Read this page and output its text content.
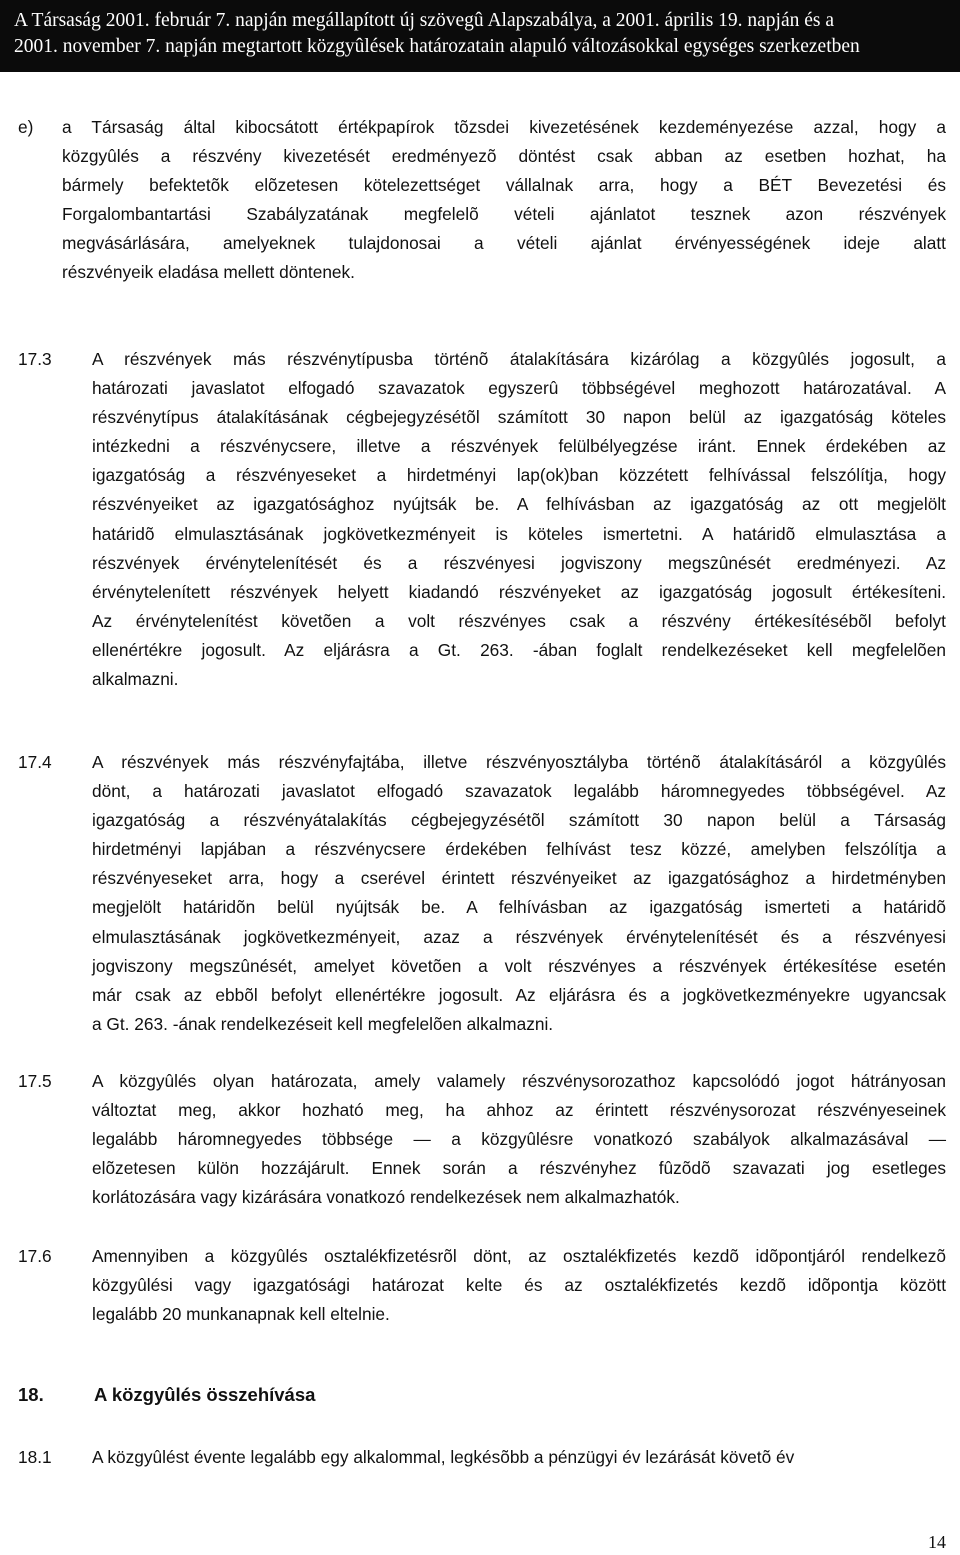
A Társaság 2001. február 7. napján megállapított új szövegû Alapszabálya, a 2001. április 19. napján és a
2001. november 7. napján megtartott közgyûlések határozatain alapuló változásokkal egységes szerkezetben
e) a Társaság által kibocsátott értékpapírok tõzsdei kivezetésének kezdeményezése azzal, hogy a
közgyûlés a részvény kivezetését eredményezõ döntést csak abban az esetben hozhat, ha
bármely befektetõk elõzetesen kötelezettséget vállalnak arra, hogy a BÉT Bevezetési és
Forgalombantartási Szabályzatának megfelelõ vételi ajánlatot tesznek azon részvények
megvásárlására, amelyeknek tulajdonosai a vételi ajánlat érvényességének ideje alatt
részvényeik eladása mellett döntenek.
17.3 A részvények más részvénytípusba történõ átalakítására kizárólag a közgyûlés jogosult, a
határozati javaslatot elfogadó szavazatok egyszerû többségével meghozott határozatával. A
részvénytípus átalakításának cégbejegyzésétõl számított 30 napon belül az igazgatóság köteles
intézkedni a részvénycsere, illetve a részvények felülbélyegzése iránt. Ennek érdekében az
igazgatóság a részvényeseket a hirdetményi lap(ok)ban közzétett felhívással felszólítja, hogy
részvényeiket az igazgatósághoz nyújtsák be. A felhívásban az igazgatóság az ott megjelölt
határidõ elmulasztásának jogkövetkezményeit is köteles ismertetni. A határidõ elmulasztása a
részvények érvénytelenítését és a részvényesi jogviszony megszûnését eredményezi. Az
érvénytelenített részvények helyett kiadandó részvényeket az igazgatóság jogosult értékesíteni.
Az érvénytelenítést követõen a volt részvényes csak a részvény értékesítésébõl befolyt
ellenértékre jogosult. Az eljárásra a Gt. 263. -ában foglalt rendelkezéseket kell megfelelõen
alkalmazni.
17.4 A részvények más részvényfajtába, illetve részvényosztályba történõ átalakításáról a közgyûlés
dönt, a határozati javaslatot elfogadó szavazatok legalább háromnegyedes többségével. Az
igazgatóság a részvényátalakítás cégbejegyzésétõl számított 30 napon belül a Társaság
hirdetményi lapjában a részvénycsere érdekében felhívást tesz közzé, amelyben felszólítja a
részvényeseket arra, hogy a cserével érintett részvényeiket az igazgatósághoz a hirdetményben
megjelölt határidõn belül nyújtsák be. A felhívásban az igazgatóság ismerteti a határidõ
elmulasztásának jogkövetkezményeit, azaz a részvények érvénytelenítését és a részvényesi
jogviszony megszûnését, amelyet követõen a volt részvényes a részvények értékesítése esetén
már csak az ebbõl befolyt ellenértékre jogosult. Az eljárásra és a jogkövetkezményekre ugyancsak
a Gt. 263. -ának rendelkezéseit kell megfelelõen alkalmazni.
17.5 A közgyûlés olyan határozata, amely valamely részvénysorozathoz kapcsolódó jogot hátrányosan
változtat meg, akkor hozható meg, ha ahhoz az érintett részvénysorozat részvényeseinek
legalább háromnegyedes többsége — a közgyûlésre vonatkozó szabályok alkalmazásával —
elõzetesen külön hozzájárult. Ennek során a részvényhez fûzõdõ szavazati jog esetleges
korlátozására vagy kizárására vonatkozó rendelkezések nem alkalmazhatók.
17.6 Amennyiben a közgyûlés osztalékfizetésrõl dönt, az osztalékfizetés kezdõ idõpontjáról rendelkezõ
közgyûlési vagy igazgatósági határozat kelte és az osztalékfizetés kezdõ idõpontja között
legalább 20 munkanapnak kell eltelnie.
18.	A közgyûlés összehívása
18.1 A közgyûlést évente legalább egy alkalommal, legkésõbb a pénzügyi év lezárását követõ év
14
